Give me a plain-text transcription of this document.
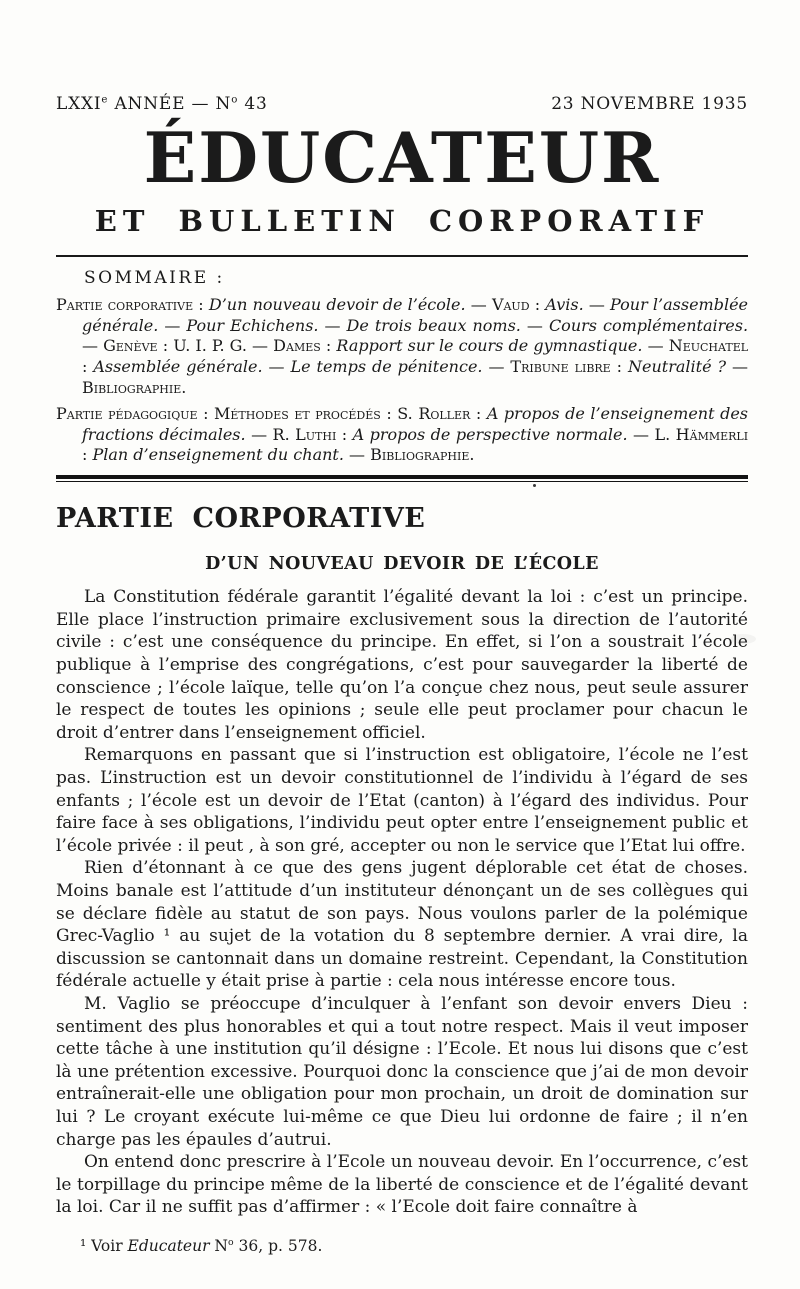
LXXIe ANNÉE — $N^o$ 43	23 NOVEMBRE 1935
ÉDUCATEUR
ET BULLETIN CORPORATIF
SOMMAIRE :

Partie corporative : D’un nouveau devoir de l’école. — Vaud : Avis. — Pour l’assemblée générale. — Pour Echichens. — De trois beaux noms. — Cours complémentaires. — Genève : U. I. P. G. — Dames : Rapport sur le cours de gymnastique. — Neuchatel : Assemblée générale. — Le temps de pénitence. — Tribune libre : Neutralité ? — Bibliographie.

Partie pédagogique : Méthodes et procédés : S. Roller : A propos de l’enseignement des fractions décimales. — R. Luthi : A propos de perspective normale. — L. Hämmerli : Plan d’enseignement du chant. — Bibliographie.

PARTIE CORPORATIVE
D’UN NOUVEAU DEVOIR DE L’ÉCOLE

La Constitution fédérale garantit l’égalité devant la loi : c’est un principe. Elle place l’instruction primaire exclusivement sous la direction de l’autorité civile : c’est une conséquence du principe. En effet, si l’on a soustrait l’école publique à l’emprise des congrégations, c’est pour sauvegarder la liberté de conscience ; l’école laïque, telle qu’on l’a conçue chez nous, peut seule assurer le respect de toutes les opinions ; seule elle peut proclamer pour chacun le droit d’entrer dans l’enseignement officiel.

Remarquons en passant que si l’instruction est obligatoire, l’école ne l’est pas. L’instruction est un devoir constitutionnel de l’individu à l’égard de ses enfants ; l’école est un devoir de l’Etat (canton) à l’égard des individus. Pour faire face à ses obligations, l’individu peut opter entre l’enseignement public et l’école privée : il peut , à son gré, accepter ou non le service que l’Etat lui offre.

Rien d’étonnant à ce que des gens jugent déplorable cet état de choses. Moins banale est l’attitude d’un instituteur dénonçant un de ses collègues qui se déclare fidèle au statut de son pays. Nous voulons parler de la polémique Grec-Vaglio ¹ au sujet de la votation du 8 septembre dernier. A vrai dire, la discussion se cantonnait dans un domaine restreint. Cependant, la Constitution fédérale actuelle y était prise à partie : cela nous intéresse encore tous.

M. Vaglio se préoccupe d’inculquer à l’enfant son devoir envers Dieu : sentiment des plus honorables et qui a tout notre respect. Mais il veut imposer cette tâche à une institution qu’il désigne : l’Ecole. Et nous lui disons que c’est là une prétention excessive. Pourquoi donc la conscience que j’ai de mon devoir entraînerait-elle une obligation pour mon prochain, un droit de domination sur lui ? Le croyant exécute lui-même ce que Dieu lui ordonne de faire ; il n’en charge pas les épaules d’autrui.

On entend donc prescrire à l’Ecole un nouveau devoir. En l’occurrence, c’est le torpillage du principe même de la liberté de conscience et de l’égalité devant la loi. Car il ne suffit pas d’affirmer : « l’Ecole doit faire connaître à

¹ Voir Educateur $N^o$ 36, p. 578.
